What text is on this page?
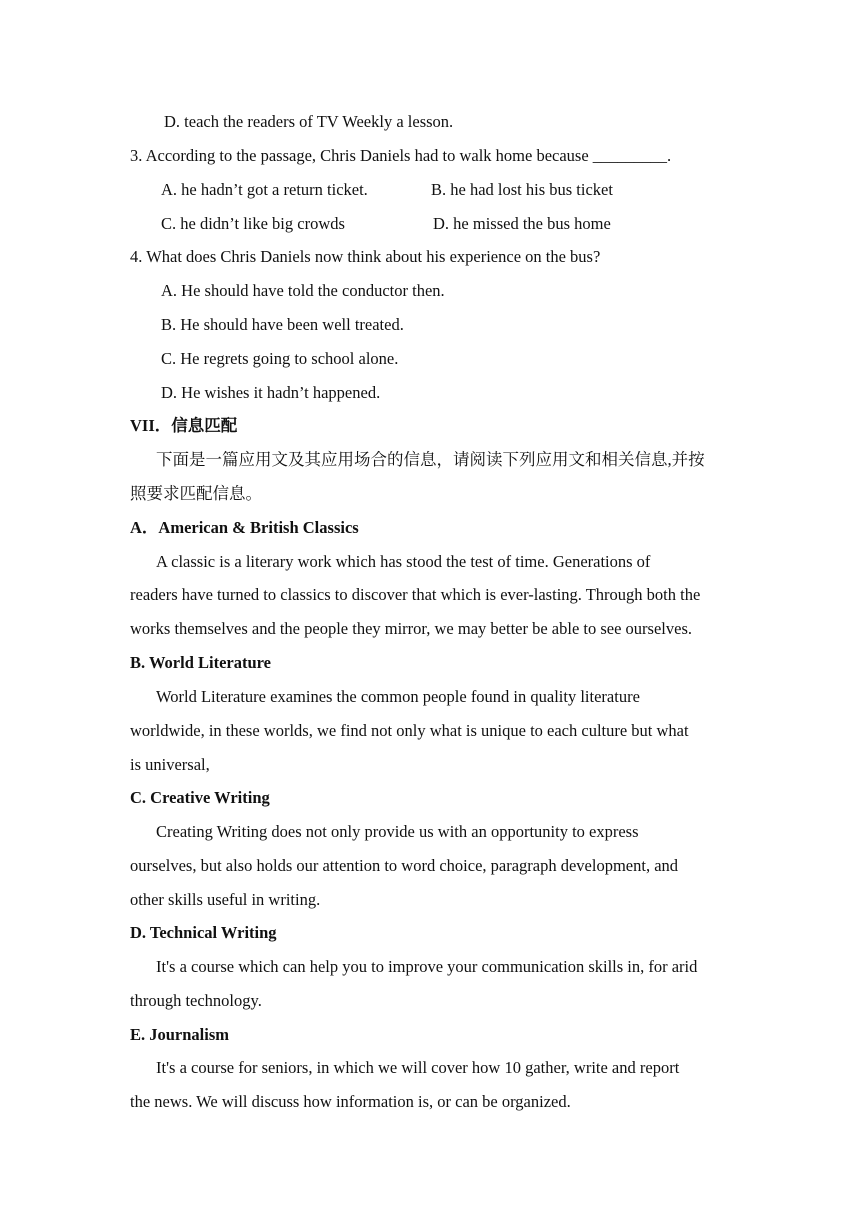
D. teach the readers of TV Weekly a lesson.
3. According to the passage, Chris Daniels had to walk home because _________.
A. he hadn’t got a return ticket.	B. he had lost his bus ticket
C. he didn’t like big crowds	D. he missed the bus home
4. What does Chris Daniels now think about his experience on the bus?
A. He should have told the conductor then.
B. He should have been well treated.
C. He regrets going to school alone.
D. He wishes it hadn’t happened.
VII．信息匹配
下面是一篇应用文及其应用场合的信息，请阅读下列应用文和相关信息,并按
照要求匹配信息。
A．American & British Classics
A classic is a literary work which has stood the test of time. Generations of
readers have turned to classics to discover that which is ever-lasting. Through both the
works themselves and the people they mirror, we may better be able to see ourselves.
B. World Literature
World Literature examines the common people found in quality literature
worldwide, in these worlds, we find not only what is unique to each culture but what
is universal,
C. Creative Writing
Creating Writing does not only provide us with an opportunity to express
ourselves, but also holds our attention to word choice, paragraph development, and
other skills useful in writing.
D. Technical Writing
It's a course which can help you to improve your communication skills in, for arid
through technology.
E. Journalism
It's a course for seniors, in which we will cover how 10 gather, write and report
the news. We will discuss how information is, or can be organized.
